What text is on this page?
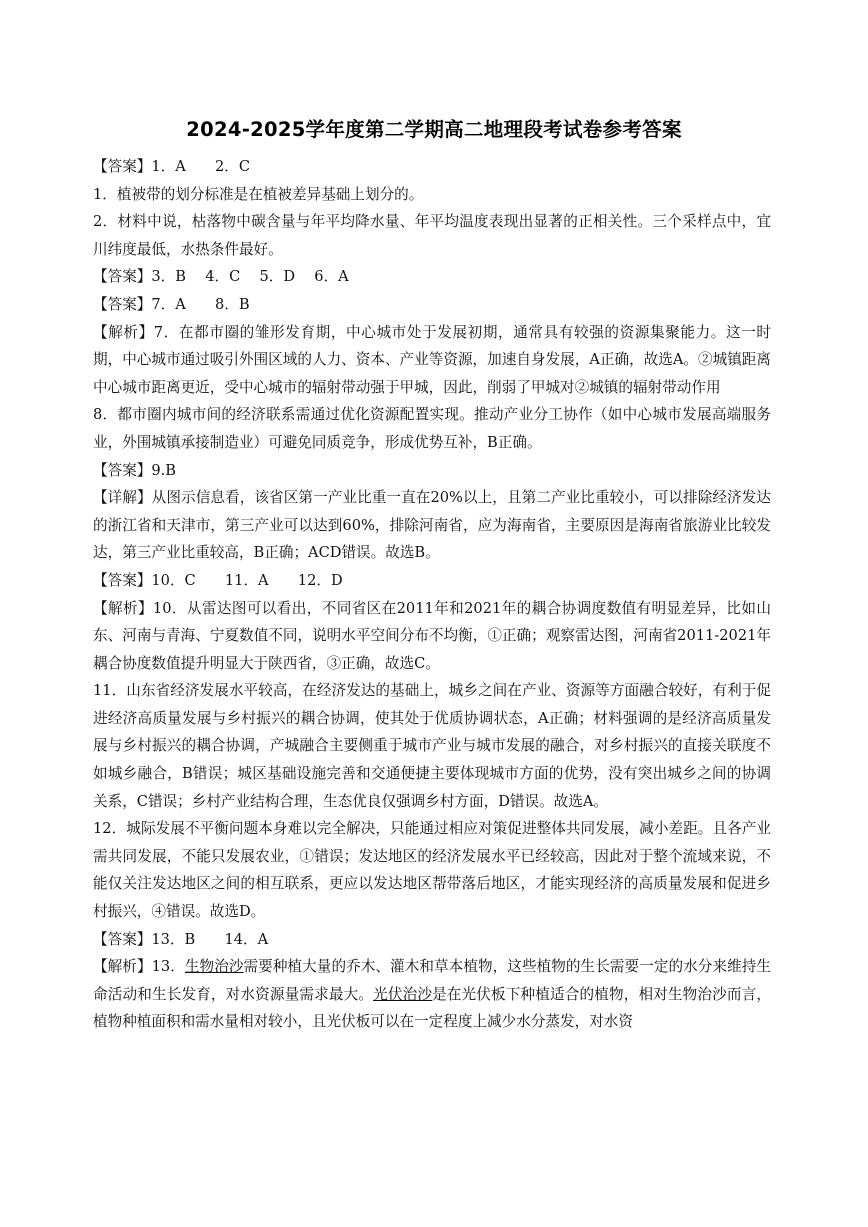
2024-2025学年度第二学期高二地理段考试卷参考答案

【答案】1．A　　2．C

1．植被带的划分标准是在植被差异基础上划分的。

2．材料中说，枯落物中碳含量与年平均降水量、年平均温度表现出显著的正相关性。三个采样点中，宜川纬度最低，水热条件最好。

【答案】3．B　 4．C　 5．D　 6．A

【答案】7．A　　8．B

【解析】7．在都市圈的雏形发育期，中心城市处于发展初期，通常具有较强的资源集聚能力。这一时期，中心城市通过吸引外围区域的人力、资本、产业等资源，加速自身发展，A正确，故选A。②城镇距离中心城市距离更近，受中心城市的辐射带动强于甲城，因此，削弱了甲城对②城镇的辐射带动作用

8．都市圈内城市间的经济联系需通过优化资源配置实现。推动产业分工协作（如中心城市发展高端服务业，外围城镇承接制造业）可避免同质竞争，形成优势互补，B正确。

【答案】9.B

【详解】从图示信息看，该省区第一产业比重一直在20%以上，且第二产业比重较小，可以排除经济发达的浙江省和天津市，第三产业可以达到60%，排除河南省，应为海南省，主要原因是海南省旅游业比较发达，第三产业比重较高，B正确；ACD错误。故选B。

【答案】10．C　　11．A　　12．D

【解析】10．从雷达图可以看出，不同省区在2011年和2021年的耦合协调度数值有明显差异，比如山东、河南与青海、宁夏数值不同，说明水平空间分布不均衡，①正确；观察雷达图，河南省2011-2021年耦合协度数值提升明显大于陕西省，③正确，故选C。

11．山东省经济发展水平较高，在经济发达的基础上，城乡之间在产业、资源等方面融合较好，有利于促进经济高质量发展与乡村振兴的耦合协调，使其处于优质协调状态，A正确；材料强调的是经济高质量发展与乡村振兴的耦合协调，产城融合主要侧重于城市产业与城市发展的融合，对乡村振兴的直接关联度不如城乡融合，B错误；城区基础设施完善和交通便捷主要体现城市方面的优势，没有突出城乡之间的协调关系，C错误；乡村产业结构合理，生态优良仅强调乡村方面，D错误。故选A。

12．城际发展不平衡问题本身难以完全解决，只能通过相应对策促进整体共同发展，减小差距。且各产业需共同发展，不能只发展农业，①错误；发达地区的经济发展水平已经较高，因此对于整个流域来说，不能仅关注发达地区之间的相互联系，更应以发达地区帮带落后地区，才能实现经济的高质量发展和促进乡村振兴，④错误。故选D。

【答案】13．B　　14．A

【解析】13．生物治沙需要种植大量的乔木、灌木和草本植物，这些植物的生长需要一定的水分来维持生命活动和生长发育，对水资源量需求最大。光伏治沙是在光伏板下种植适合的植物，相对生物治沙而言，植物种植面积和需水量相对较小，且光伏板可以在一定程度上减少水分蒸发，对水资
